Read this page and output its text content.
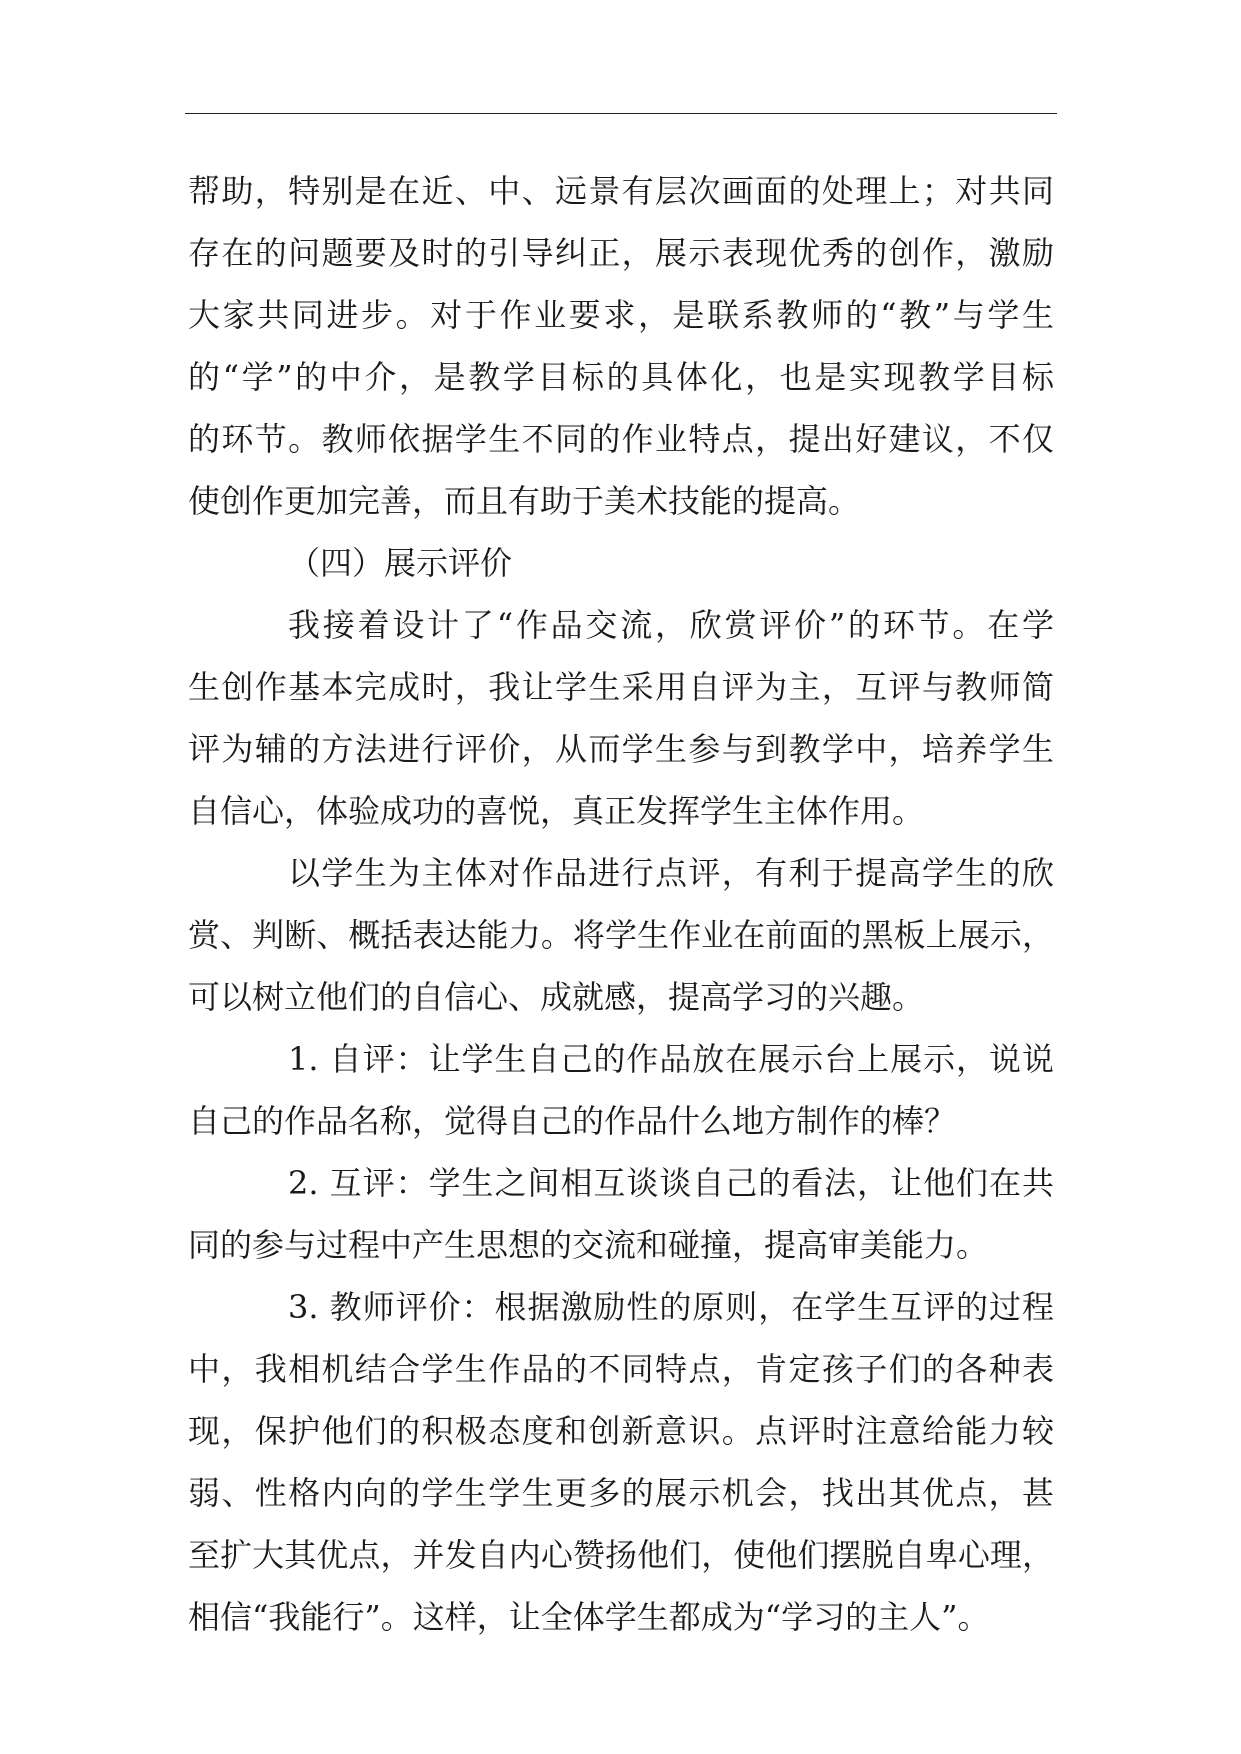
帮助，特别是在近、中、远景有层次画面的处理上；对共同
存在的问题要及时的引导纠正，展示表现优秀的创作，激励
大家共同进步。对于作业要求，是联系教师的“教”与学生
的“学”的中介，是教学目标的具体化，也是实现教学目标
的环节。教师依据学生不同的作业特点，提出好建议，不仅
使创作更加完善，而且有助于美术技能的提高。
（四）展示评价
我接着设计了“作品交流，欣赏评价”的环节。在学
生创作基本完成时，我让学生采用自评为主，互评与教师简
评为辅的方法进行评价，从而学生参与到教学中，培养学生
自信心，体验成功的喜悦，真正发挥学生主体作用。
以学生为主体对作品进行点评，有利于提高学生的欣
赏、判断、概括表达能力。将学生作业在前面的黑板上展示，
可以树立他们的自信心、成就感，提高学习的兴趣。
1. 自评：让学生自己的作品放在展示台上展示，说说
自己的作品名称，觉得自己的作品什么地方制作的棒？
2. 互评：学生之间相互谈谈自己的看法，让他们在共
同的参与过程中产生思想的交流和碰撞，提高审美能力。
3. 教师评价：根据激励性的原则，在学生互评的过程
中，我相机结合学生作品的不同特点，肯定孩子们的各种表
现，保护他们的积极态度和创新意识。点评时注意给能力较
弱、性格内向的学生学生更多的展示机会，找出其优点，甚
至扩大其优点，并发自内心赞扬他们，使他们摆脱自卑心理，
相信“我能行”。这样，让全体学生都成为“学习的主人”。
